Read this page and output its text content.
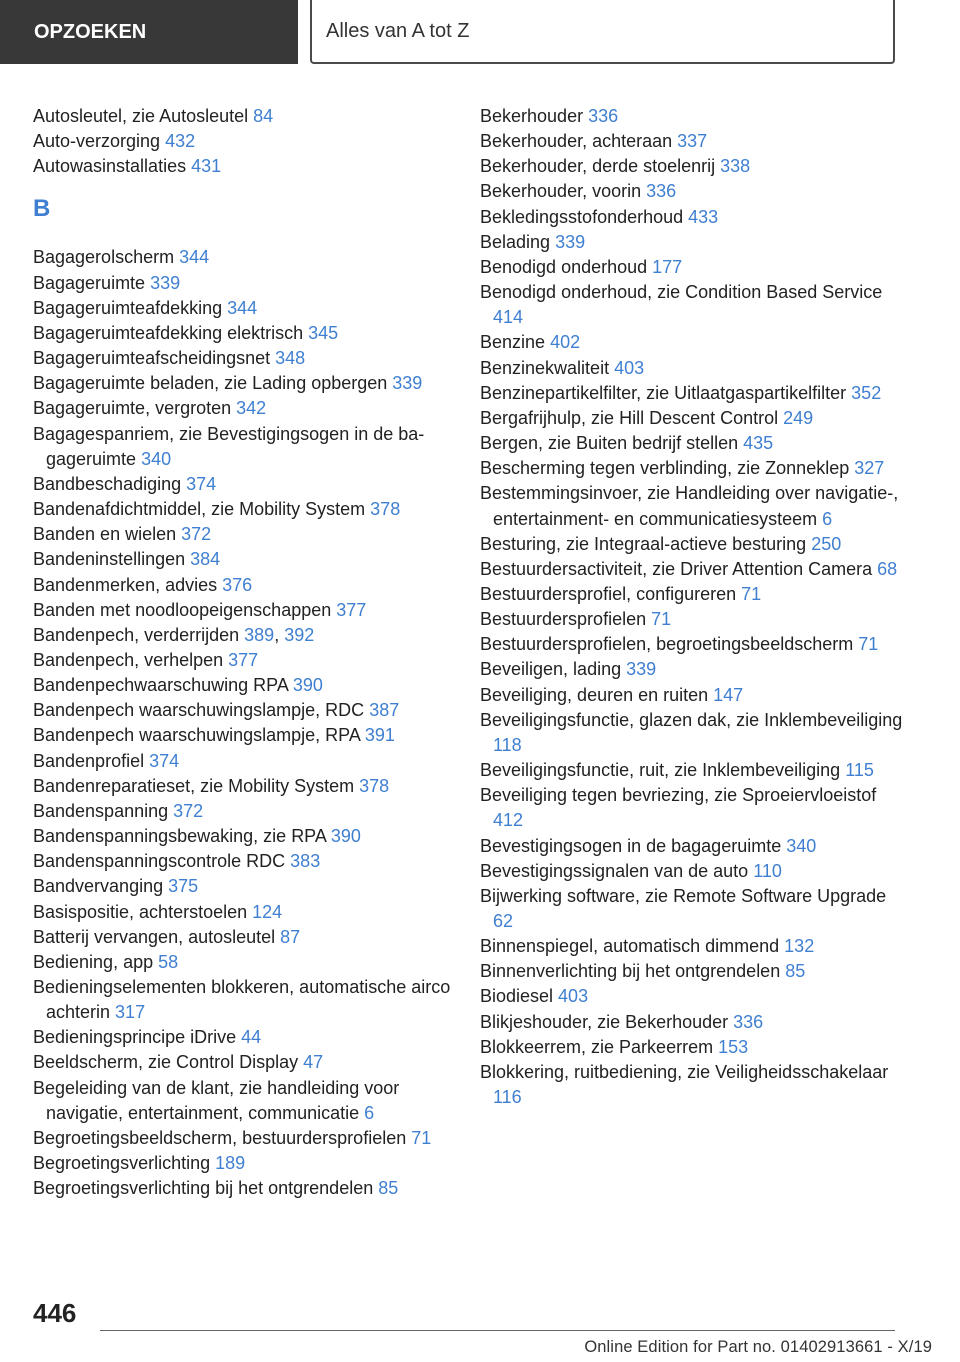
OPZOEKEN	Alles van A tot Z
Autosleutel, zie Autosleutel 84
Auto-verzorging 432
Autowasinstallaties 431
B
Bagagerolscherm 344
Bagageruimte 339
Bagageruimteafdekking 344
Bagageruimteafdekking elektrisch 345
Bagageruimteafscheidingsnet 348
Bagageruimte beladen, zie Lading opbergen 339
Bagageruimte, vergroten 342
Bagagespanriem, zie Bevestigingsogen in de bagageruimte 340
Bandbeschadiging 374
Bandenafdichtmiddel, zie Mobility System 378
Banden en wielen 372
Bandeninstellingen 384
Bandenmerken, advies 376
Banden met noodloopeigenschappen 377
Bandenpech, verderrijden 389, 392
Bandenpech, verhelpen 377
Bandenpechwaarschuwing RPA 390
Bandenpech waarschuwingslampje, RDC 387
Bandenpech waarschuwingslampje, RPA 391
Bandenprofiel 374
Bandenreparatieset, zie Mobility System 378
Bandenspanning 372
Bandenspanningsbewaking, zie RPA 390
Bandenspanningscontrole RDC 383
Bandvervanging 375
Basispositie, achterstoelen 124
Batterij vervangen, autosleutel 87
Bediening, app 58
Bedieningselementen blokkeren, automatische airco achterin 317
Bedieningsprincipe iDrive 44
Beeldscherm, zie Control Display 47
Begeleiding van de klant, zie handleiding voor navigatie, entertainment, communicatie 6
Begroetingsbeeldscherm, bestuurdersprofielen 71
Begroetingsverlichting 189
Begroetingsverlichting bij het ontgrendelen 85
Bekerhouder 336
Bekerhouder, achteraan 337
Bekerhouder, derde stoelenrij 338
Bekerhouder, voorin 336
Bekledingsstofonderhoud 433
Belading 339
Benodigd onderhoud 177
Benodigd onderhoud, zie Condition Based Service 414
Benzine 402
Benzinekwaliteit 403
Benzinepartikelfilter, zie Uitlaatgaspartikelfilter 352
Bergafrijhulp, zie Hill Descent Control 249
Bergen, zie Buiten bedrijf stellen 435
Bescherming tegen verblinding, zie Zonneklep 327
Bestemmingsinvoer, zie Handleiding over navigatie-, entertainment- en communicatiesysteem 6
Besturing, zie Integraal-actieve besturing 250
Bestuurdersactiviteit, zie Driver Attention Camera 68
Bestuurdersprofiel, configureren 71
Bestuurdersprofielen 71
Bestuurdersprofielen, begroetingsbeeldscherm 71
Beveiligen, lading 339
Beveiliging, deuren en ruiten 147
Beveiligingsfunctie, glazen dak, zie Inklembeveiliging 118
Beveiligingsfunctie, ruit, zie Inklembeveiliging 115
Beveiliging tegen bevriezing, zie Sproeiervloeistof 412
Bevestigingsogen in de bagageruimte 340
Bevestigingssignalen van de auto 110
Bijwerking software, zie Remote Software Upgrade 62
Binnenspiegel, automatisch dimmend 132
Binnenverlichting bij het ontgrendelen 85
Biodiesel 403
Blikjeshouder, zie Bekerhouder 336
Blokkeerrem, zie Parkeerrem 153
Blokkering, ruitbediening, zie Veiligheidsschakelaar 116
446
Online Edition for Part no. 01402913661 - X/19
